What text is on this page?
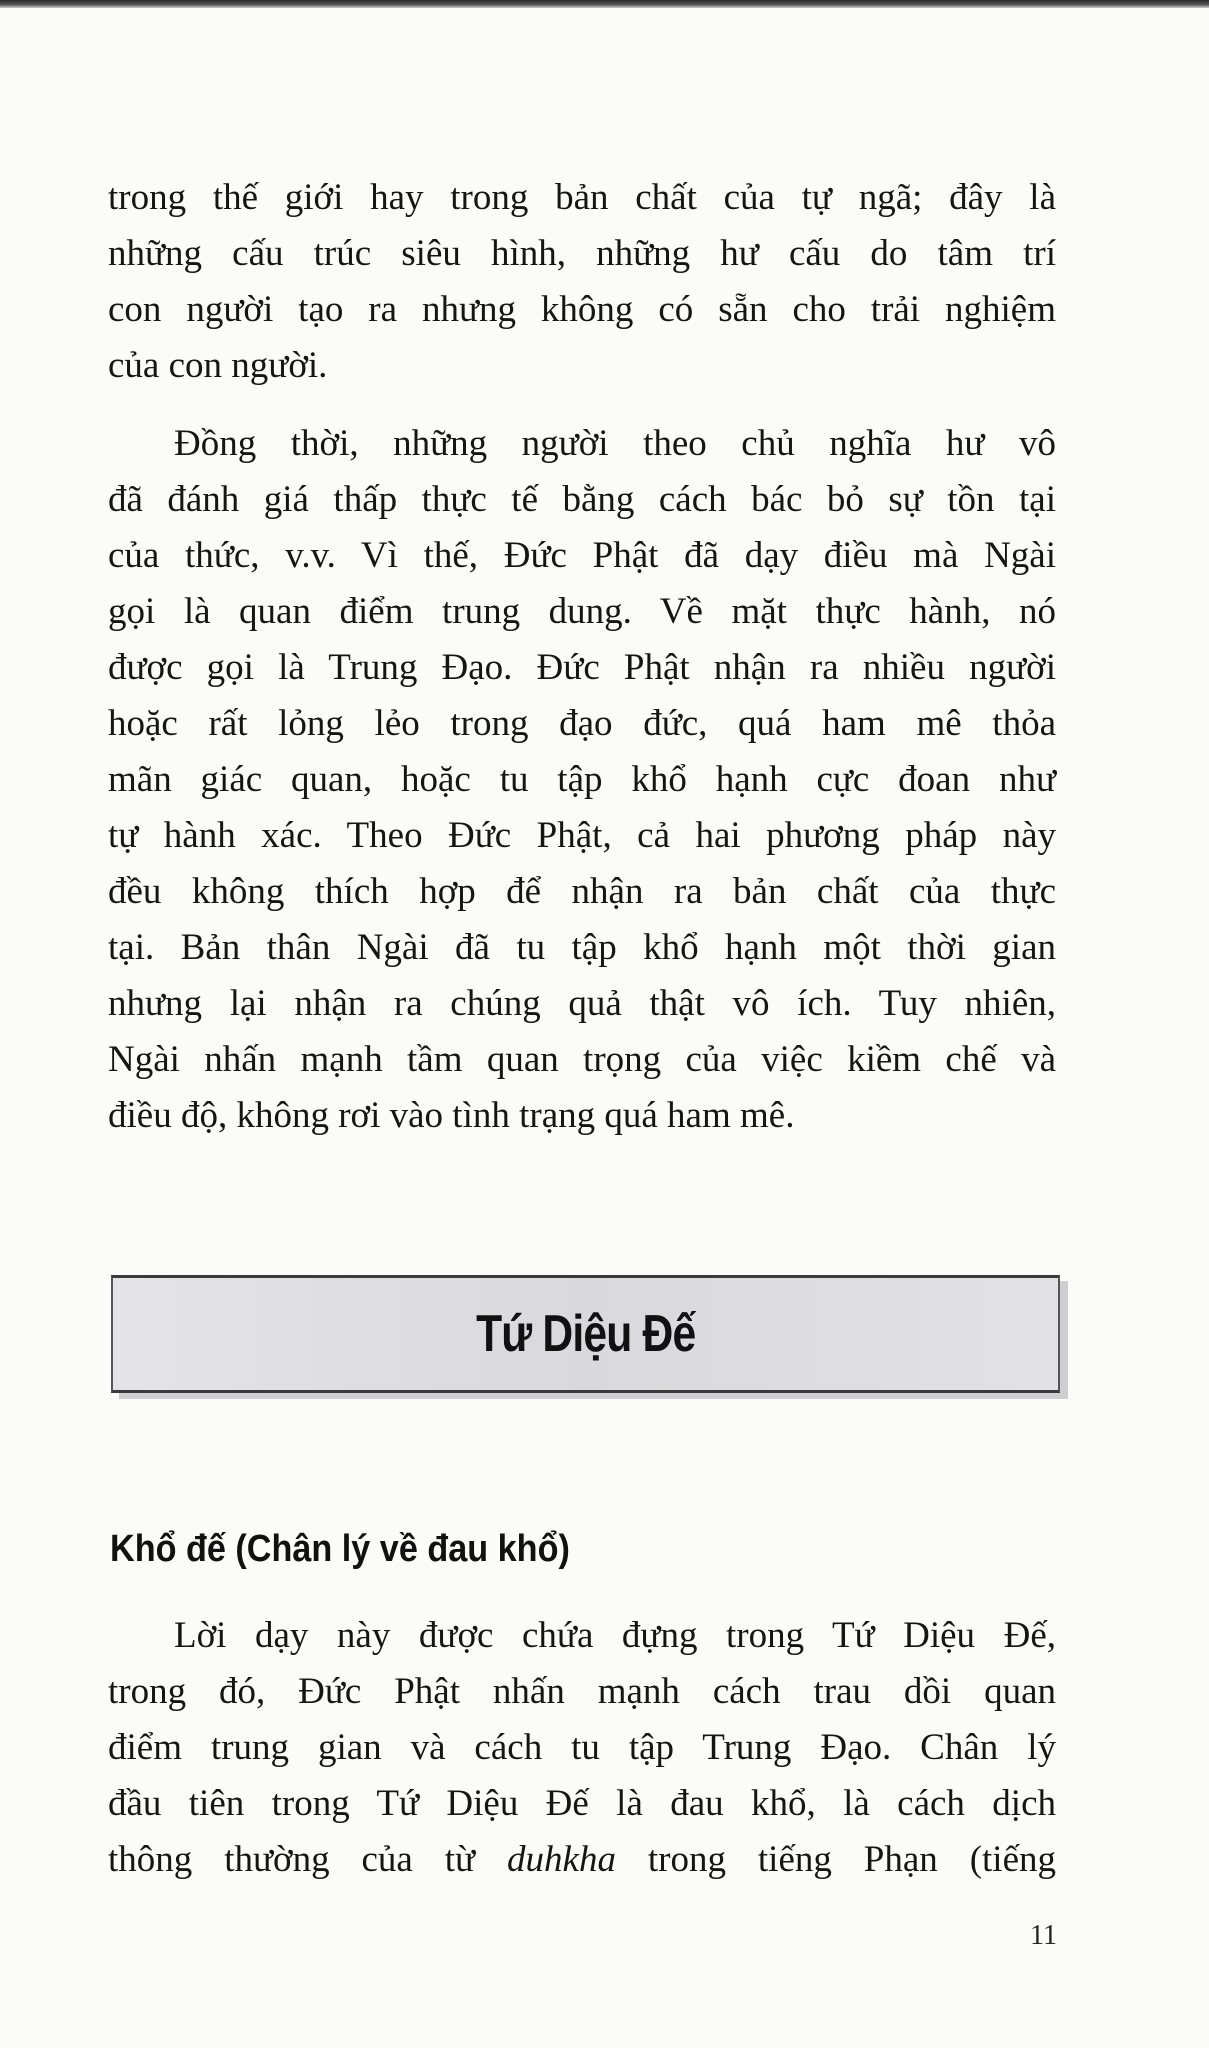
trong thế giới hay trong bản chất của tự ngã; đây là
những cấu trúc siêu hình, những hư cấu do tâm trí
con người tạo ra nhưng không có sẵn cho trải nghiệm
của con người.
Đồng thời, những người theo chủ nghĩa hư vô
đã đánh giá thấp thực tế bằng cách bác bỏ sự tồn tại
của thức, v.v. Vì thế, Đức Phật đã dạy điều mà Ngài
gọi là quan điểm trung dung. Về mặt thực hành, nó
được gọi là Trung Đạo. Đức Phật nhận ra nhiều người
hoặc rất lỏng lẻo trong đạo đức, quá ham mê thỏa
mãn giác quan, hoặc tu tập khổ hạnh cực đoan như
tự hành xác. Theo Đức Phật, cả hai phương pháp này
đều không thích hợp để nhận ra bản chất của thực
tại. Bản thân Ngài đã tu tập khổ hạnh một thời gian
nhưng lại nhận ra chúng quả thật vô ích. Tuy nhiên,
Ngài nhấn mạnh tầm quan trọng của việc kiềm chế và
điều độ, không rơi vào tình trạng quá ham mê.
Tứ Diệu Đế
Khổ đế (Chân lý về đau khổ)
Lời dạy này được chứa đựng trong Tứ Diệu Đế,
trong đó, Đức Phật nhấn mạnh cách trau dồi quan
điểm trung gian và cách tu tập Trung Đạo. Chân lý
đầu tiên trong Tứ Diệu Đế là đau khổ, là cách dịch
thông thường của từ duhkha trong tiếng Phạn (tiếng
11
